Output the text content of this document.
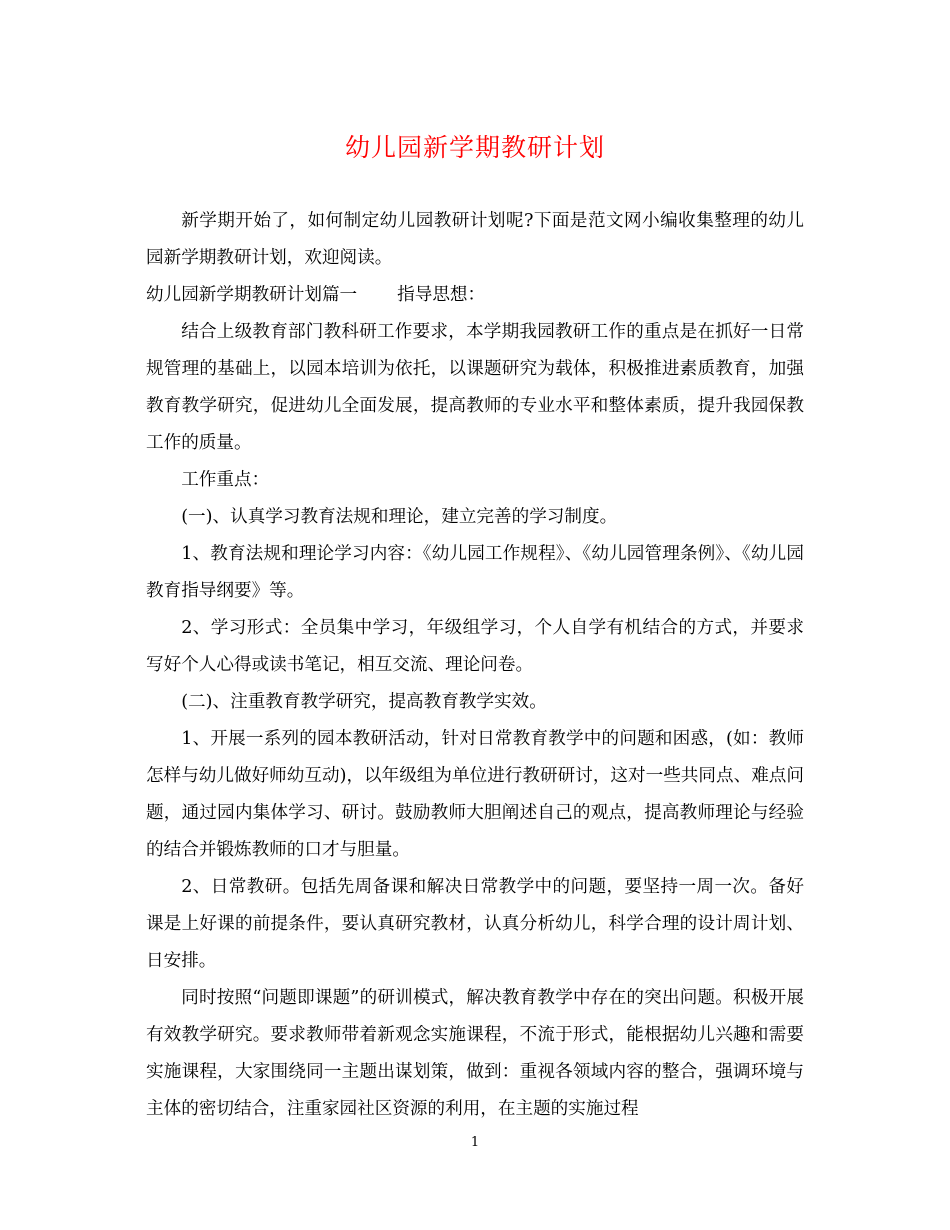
幼儿园新学期教研计划

新学期开始了，如何制定幼儿园教研计划呢?下面是范文网小编收集整理的幼儿园新学期教研计划，欢迎阅读。

幼儿园新学期教研计划篇一 指导思想：

结合上级教育部门教科研工作要求，本学期我园教研工作的重点是在抓好一日常规管理的基础上，以园本培训为依托，以课题研究为载体，积极推进素质教育，加强教育教学研究，促进幼儿全面发展，提高教师的专业水平和整体素质，提升我园保教工作的质量。

工作重点：

(一)、认真学习教育法规和理论，建立完善的学习制度。

1、教育法规和理论学习内容：《幼儿园工作规程》、《幼儿园管理条例》、《幼儿园教育指导纲要》等。

2、学习形式：全员集中学习，年级组学习，个人自学有机结合的方式，并要求写好个人心得或读书笔记，相互交流、理论问卷。

(二)、注重教育教学研究，提高教育教学实效。

1、开展一系列的园本教研活动，针对日常教育教学中的问题和困惑，(如：教师怎样与幼儿做好师幼互动)，以年级组为单位进行教研研讨，这对一些共同点、难点问题，通过园内集体学习、研讨。鼓励教师大胆阐述自己的观点，提高教师理论与经验的结合并锻炼教师的口才与胆量。

2、日常教研。包括先周备课和解决日常教学中的问题，要坚持一周一次。备好课是上好课的前提条件，要认真研究教材，认真分析幼儿，科学合理的设计周计划、日安排。

同时按照“问题即课题”的研训模式，解决教育教学中存在的突出问题。积极开展有效教学研究。要求教师带着新观念实施课程，不流于形式，能根据幼儿兴趣和需要实施课程，大家围绕同一主题出谋划策，做到：重视各领域内容的整合，强调环境与主体的密切结合，注重家园社区资源的利用，在主题的实施过程

1
